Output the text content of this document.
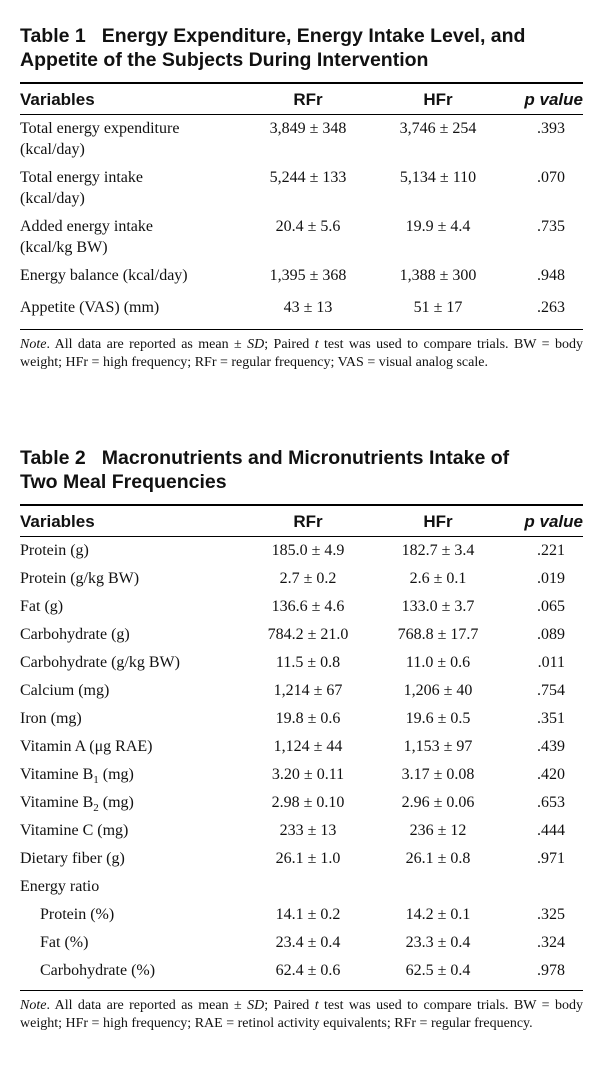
Table 1 Energy Expenditure, Energy Intake Level, and
Appetite of the Subjects During Intervention
Variables	RFr	HFr	p value
Total energy expenditure
(kcal/day)
3,849 ± 348	3,746 ± 254	.393
Total energy intake
(kcal/day)
5,244 ± 133	5,134 ± 110	.070
Added energy intake
(kcal/kg BW)
20.4 ± 5.6	19.9 ± 4.4	.735
Energy balance (kcal/day)	1,395 ± 368	1,388 ± 300	.948
Appetite (VAS) (mm)	43 ± 13	51 ± 17	.263
Note. All data are reported as mean ± SD; Paired t test was used to compare trials. BW = body weight; HFr = high frequency; RFr = regular frequency; VAS = visual analog scale.
Table 2 Macronutrients and Micronutrients Intake of
Two Meal Frequencies
Variables	RFr	HFr	p value
Protein (g)	185.0 ± 4.9	182.7 ± 3.4	.221
Protein (g/kg BW)	2.7 ± 0.2	2.6 ± 0.1	.019
Fat (g)	136.6 ± 4.6	133.0 ± 3.7	.065
Carbohydrate (g)	784.2 ± 21.0	768.8 ± 17.7	.089
Carbohydrate (g/kg BW)	11.5 ± 0.8	11.0 ± 0.6	.011
Calcium (mg)	1,214 ± 67	1,206 ± 40	.754
Iron (mg)	19.8 ± 0.6	19.6 ± 0.5	.351
Vitamin A (μg RAE)	1,124 ± 44	1,153 ± 97	.439
Vitamine $B_1$ (mg)	3.20 ± 0.11	3.17 ± 0.08	.420
Vitamine $B_2$ (mg)	2.98 ± 0.10	2.96 ± 0.06	.653
Vitamine C (mg)	233 ± 13	236 ± 12	.444
Dietary fiber (g)	26.1 ± 1.0	26.1 ± 0.8	.971
Energy ratio
Protein (%)	14.1 ± 0.2	14.2 ± 0.1	.325
Fat (%)	23.4 ± 0.4	23.3 ± 0.4	.324
Carbohydrate (%)	62.4 ± 0.6	62.5 ± 0.4	.978
Note. All data are reported as mean ± SD; Paired t test was used to compare trials. BW = body weight; HFr = high frequency; RAE = retinol activity equivalents; RFr = regular frequency.
